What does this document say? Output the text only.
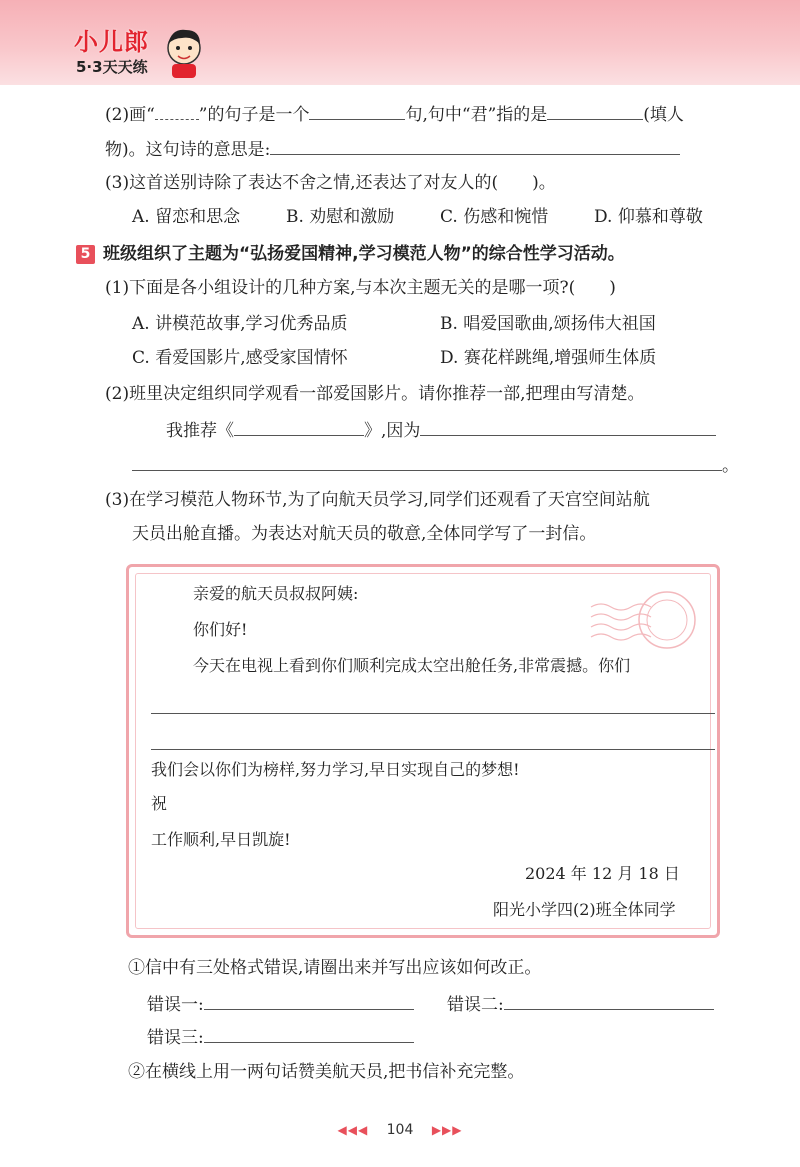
小儿郎
5·3天天练
(2)画“	”的句子是一个	句,句中“君”指的是	(填人
物)。这句诗的意思是:
(3)这首送别诗除了表达不舍之情,还表达了对友人的(　　)。
A. 留恋和思念	B. 劝慰和激励	C. 伤感和惋惜	D. 仰慕和尊敬
5 班级组织了主题为“弘扬爱国精神,学习模范人物”的综合性学习活动。
(1)下面是各小组设计的几种方案,与本次主题无关的是哪一项?(　　)
A. 讲模范故事,学习优秀品质	B. 唱爱国歌曲,颂扬伟大祖国
C. 看爱国影片,感受家国情怀	D. 赛花样跳绳,增强师生体质
(2)班里决定组织同学观看一部爱国影片。请你推荐一部,把理由写清楚。
我推荐《	》,因为
。
(3)在学习模范人物环节,为了向航天员学习,同学们还观看了天宫空间站航
天员出舱直播。为表达对航天员的敬意,全体同学写了一封信。
亲爱的航天员叔叔阿姨:
你们好!
今天在电视上看到你们顺利完成太空出舱任务,非常震撼。你们
我们会以你们为榜样,努力学习,早日实现自己的梦想!
祝
工作顺利,早日凯旋!
2024 年 12 月 18 日
阳光小学四(2)班全体同学
①信中有三处格式错误,请圈出来并写出应该如何改正。
错误一:	错误二:
错误三:
②在横线上用一两句话赞美航天员,把书信补充完整。
◀◀◀ 104 ▶▶▶
